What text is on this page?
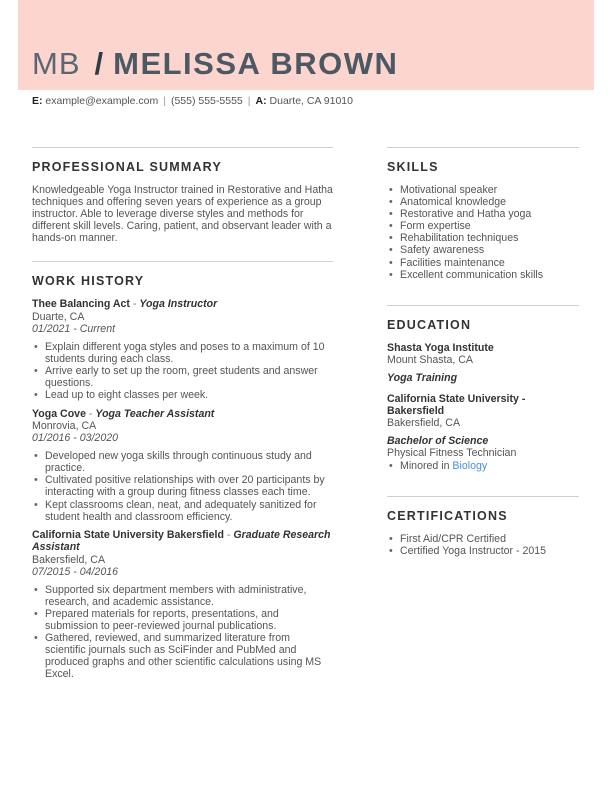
MB / MELISSA BROWN
E: example@example.com | (555) 555-5555 | A: Duarte, CA 91010
PROFESSIONAL SUMMARY

Knowledgeable Yoga Instructor trained in Restorative and Hatha techniques and offering seven years of experience as a group instructor. Able to leverage diverse styles and methods for different skill levels. Caring, patient, and observant leader with a hands-on manner.

WORK HISTORY
Thee Balancing Act - Yoga Instructor
Duarte, CA
01/2021 - Current
• Explain different yoga styles and poses to a maximum of 10 students during each class.
• Arrive early to set up the room, greet students and answer questions.
• Lead up to eight classes per week.
Yoga Cove - Yoga Teacher Assistant
Monrovia, CA
01/2016 - 03/2020
• Developed new yoga skills through continuous study and practice.
• Cultivated positive relationships with over 20 participants by interacting with a group during fitness classes each time.
• Kept classrooms clean, neat, and adequately sanitized for student health and classroom efficiency.
California State University Bakersfield - Graduate Research Assistant
Bakersfield, CA
07/2015 - 04/2016
• Supported six department members with administrative, research, and academic assistance.
• Prepared materials for reports, presentations, and submission to peer-reviewed journal publications.
• Gathered, reviewed, and summarized literature from scientific journals such as SciFinder and PubMed and produced graphs and other scientific calculations using MS Excel.
SKILLS
• Motivational speaker
• Anatomical knowledge
• Restorative and Hatha yoga
• Form expertise
• Rehabilitation techniques
• Safety awareness
• Facilities maintenance
• Excellent communication skills
EDUCATION
Shasta Yoga Institute
Mount Shasta, CA
Yoga Training
California State University - Bakersfield
Bakersfield, CA
Bachelor of Science
Physical Fitness Technician
• Minored in Biology
CERTIFICATIONS
• First Aid/CPR Certified
• Certified Yoga Instructor - 2015
